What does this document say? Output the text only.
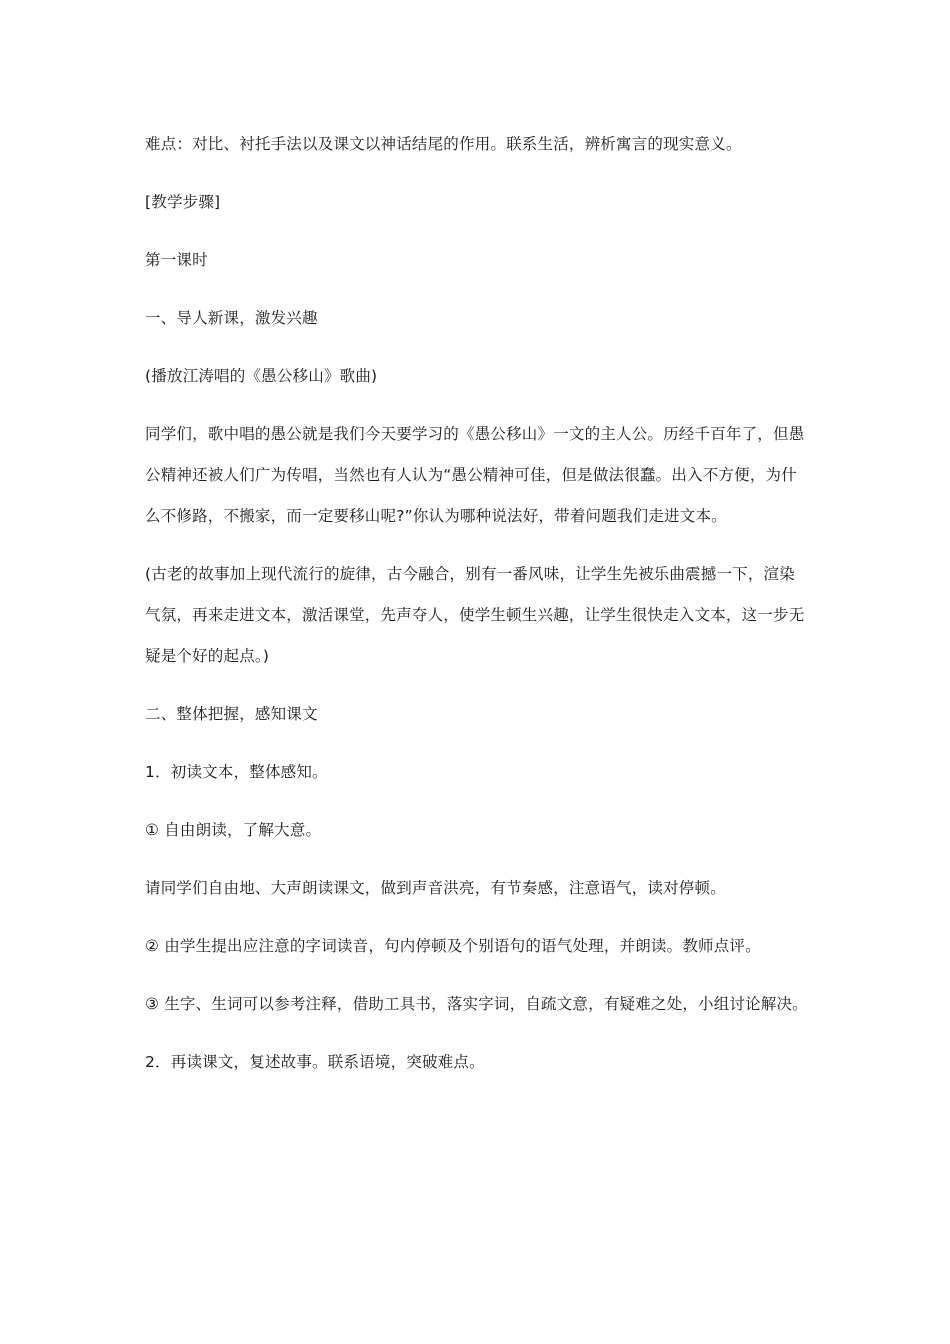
难点：对比、衬托手法以及课文以神话结尾的作用。联系生活，辨析寓言的现实意义。

[教学步骤]

第一课时

一、导人新课，激发兴趣

(播放江涛唱的《愚公移山》歌曲)

同学们，歌中唱的愚公就是我们今天要学习的《愚公移山》一文的主人公。历经千百年了，但愚公精神还被人们广为传唱，当然也有人认为“愚公精神可佳，但是做法很蠢。出入不方便，为什么不修路，不搬家，而一定要移山呢?”你认为哪种说法好，带着问题我们走进文本。

(古老的故事加上现代流行的旋律，古今融合，别有一番风味，让学生先被乐曲震撼一下，渲染气氛，再来走进文本，激活课堂，先声夺人，使学生顿生兴趣，让学生很快走入文本，这一步无疑是个好的起点。)

二、整体把握，感知课文

1．初读文本，整体感知。

① 自由朗读，了解大意。

请同学们自由地、大声朗读课文，做到声音洪亮，有节奏感，注意语气，读对停顿。

② 由学生提出应注意的字词读音，句内停顿及个别语句的语气处理，并朗读。教师点评。

③ 生字、生词可以参考注释，借助工具书，落实字词，自疏文意，有疑难之处，小组讨论解决。

2．再读课文，复述故事。联系语境，突破难点。
